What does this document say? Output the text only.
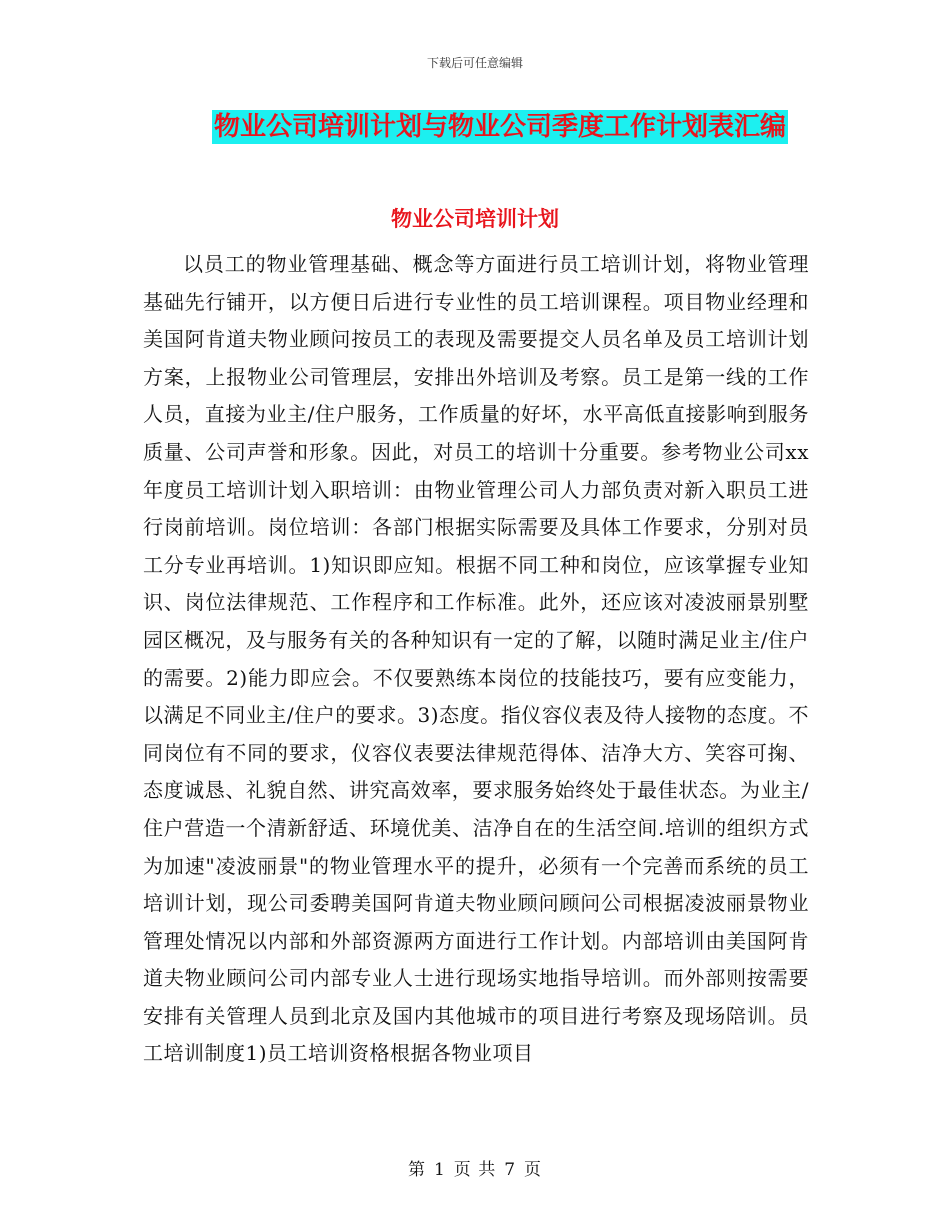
下载后可任意编辑
物业公司培训计划与物业公司季度工作计划表汇编
物业公司培训计划

以员工的物业管理基础、概念等方面进行员工培训计划，将物业管理基础先行铺开，以方便日后进行专业性的员工培训课程。项目物业经理和美国阿肯道夫物业顾问按员工的表现及需要提交人员名单及员工培训计划方案，上报物业公司管理层，安排出外培训及考察。员工是第一线的工作人员，直接为业主/住户服务，工作质量的好坏，水平高低直接影响到服务质量、公司声誉和形象。因此，对员工的培训十分重要。参考物业公司xx年度员工培训计划入职培训：由物业管理公司人力部负责对新入职员工进行岗前培训。岗位培训：各部门根据实际需要及具体工作要求，分别对员工分专业再培训。1)知识即应知。根据不同工种和岗位，应该掌握专业知识、岗位法律规范、工作程序和工作标准。此外，还应该对凌波丽景别墅园区概况，及与服务有关的各种知识有一定的了解，以随时满足业主/住户的需要。2)能力即应会。不仅要熟练本岗位的技能技巧，要有应变能力，以满足不同业主/住户的要求。3)态度。指仪容仪表及待人接物的态度。不同岗位有不同的要求，仪容仪表要法律规范得体、洁净大方、笑容可掬、态度诚恳、礼貌自然、讲究高效率，要求服务始终处于最佳状态。为业主/住户营造一个清新舒适、环境优美、洁净自在的生活空间.培训的组织方式为加速"凌波丽景"的物业管理水平的提升，必须有一个完善而系统的员工培训计划，现公司委聘美国阿肯道夫物业顾问顾问公司根据凌波丽景物业管理处情况以内部和外部资源两方面进行工作计划。内部培训由美国阿肯道夫物业顾问公司内部专业人士进行现场实地指导培训。而外部则按需要安排有关管理人员到北京及国内其他城市的项目进行考察及现场陪训。员工培训制度1)员工培训资格根据各物业项目

第 1 页 共 7 页
